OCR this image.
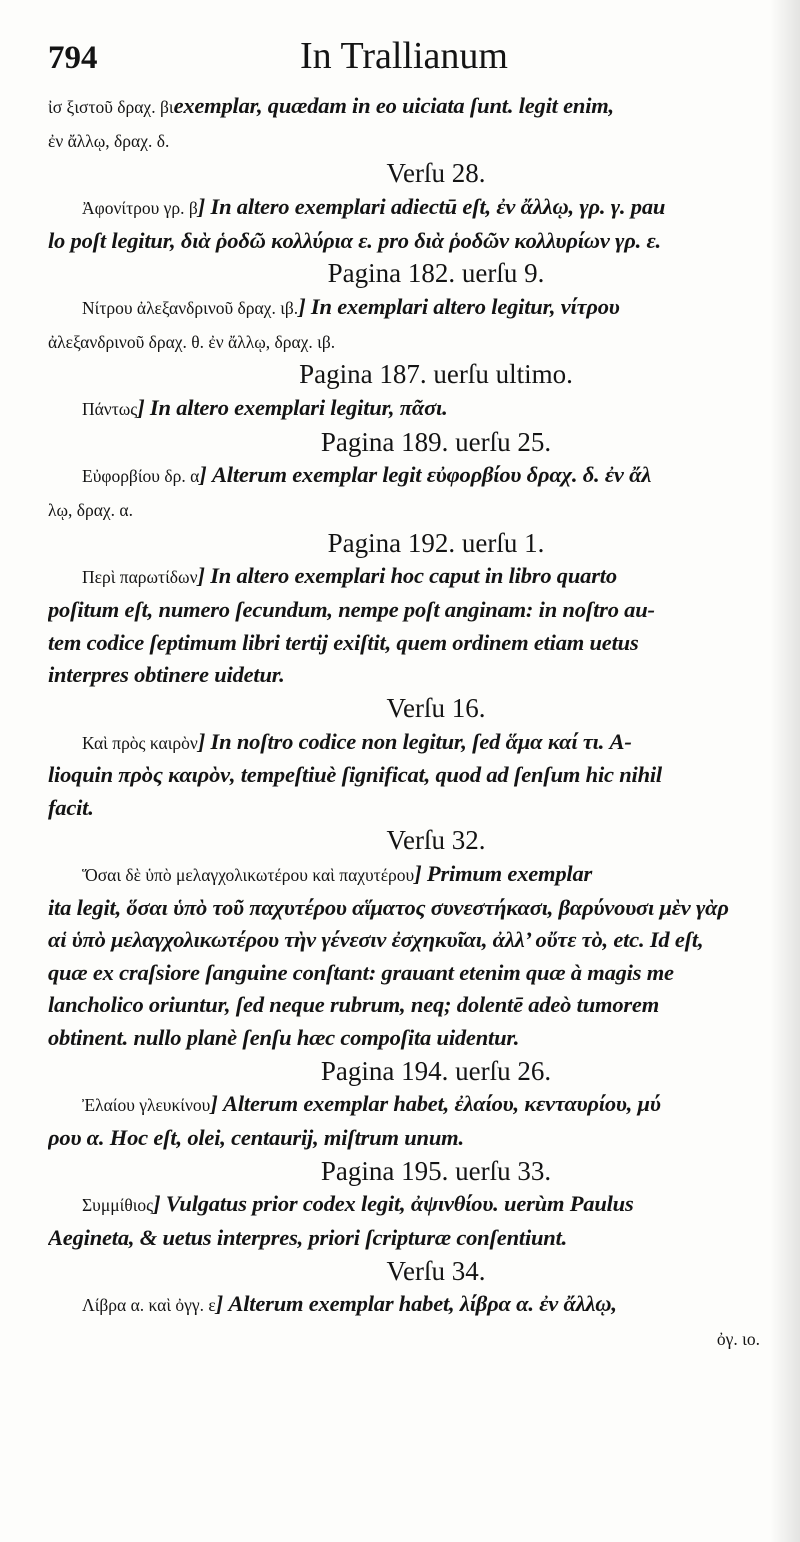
794	In Trallianum
ἰσ ξιστοῦ δραχ. βιexemplar, quædam in eo uiciata ſunt. legit enim,
ἐν ἄλλῳ, δραχ. δ.
Verſu 28.
Ἀφονίτρου γρ. β] In altero exemplari adiectū eſt, ἐν ἄλλῳ, γρ. γ. pau
lo poſt legitur, διὰ ῥοδῶ κολλύρια ε. pro διὰ ῥοδῶν κολλυρίων γρ. ε.
Pagina 182. uerſu 9.
Νίτρου ἀλεξανδρινοῦ δραχ. ιβ.] In exemplari altero legitur, νίτρου
ἀλεξανδρινοῦ δραχ. θ. ἐν ἄλλῳ, δραχ. ιβ.
Pagina 187. uerſu ultimo.
Πάντως] In altero exemplari legitur, πᾶσι.
Pagina 189. uerſu 25.
Εὐφορβίου δρ. α] Alterum exemplar legit εὐφορβίου δραχ. δ. ἐν ἄλ
λῳ, δραχ. α.
Pagina 192. uerſu 1.
Περὶ παρωτίδων] In altero exemplari hoc caput in libro quarto
poſitum eſt, numero ſecundum, nempe poſt anginam: in noſtro au-
tem codice ſeptimum libri tertij exiſtit, quem ordinem etiam uetus
interpres obtinere uidetur.
Verſu 16.
Καὶ πρὸς καιρὸν] In noſtro codice non legitur, ſed ἅμα καί τι. A-
lioquin πρὸς καιρὸν, tempeſtiuè ſignificat, quod ad ſenſum hic nihil
facit.
Verſu 32.
Ὅσαι δὲ ὑπὸ μελαγχολικωτέρου καὶ παχυτέρου] Primum exemplar
ita legit, ὅσαι ὑπὸ τοῦ παχυτέρου αἵματος συνεστήκασι, βαρύνουσι μὲν γὰρ
αἱ ὑπὸ μελαγχολικωτέρου τὴν γένεσιν ἐσχηκυῖαι, ἀλλ’ οὔτε τὸ, etc. Id eſt,
quæ ex craſsiore ſanguine conſtant: grauant etenim quæ à magis me
lancholico oriuntur, ſed neque rubrum, neq; dolentē adeò tumorem
obtinent. nullo planè ſenſu hæc compoſita uidentur.
Pagina 194. uerſu 26.
Ἐλαίου γλευκίνου] Alterum exemplar habet, ἐλαίου, κενταυρίου, μύ
ρου α. Hoc eſt, olei, centaurij, miſtrum unum.
Pagina 195. uerſu 33.
Συμμίθιος] Vulgatus prior codex legit, ἀψινθίου. uerùm Paulus
Aegineta, & uetus interpres, priori ſcripturæ conſentiunt.
Verſu 34.
Λίβρα α. καὶ ὀγγ. ε] Alterum exemplar habet, λίβρα α. ἐν ἄλλῳ,
ὀγ. ιο.
